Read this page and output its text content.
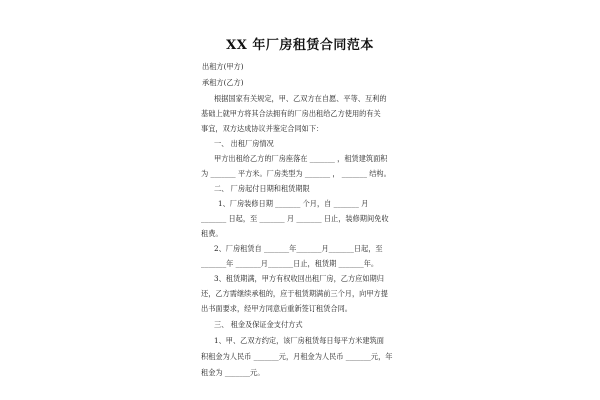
XX 年厂房租赁合同范本
出租方(甲方)
承租方(乙方)
根据国家有关规定，甲、乙双方在自愿、平等、互利的
基础上就甲方将其合法拥有的厂房出租给乙方使用的有关
事宜，双方达成协议并鉴定合同如下：
一、 出租厂房情况
甲方出租给乙方的厂房座落在 _______ ，租赁建筑面积
为 _______ 平方米。厂房类型为 _______ ， _______ 结构。
二、 厂房起付日期和租赁期限
1、厂房装修日期 _______ 个月，自 _______ 月
_______ 日起，至 _______ 月 _______ 日止，装修期间免收
租费。
2、厂房租赁自 _______年_______月_______日起，至
_______年 _______月_______日止，租赁期 _______年。
3、租赁期满，甲方有权收回出租厂房，乙方应如期归
还，乙方需继续承租的，应于租赁期满前三个月，向甲方提
出书面要求，经甲方同意后重新签订租赁合同。
三、 租金及保证金支付方式
1、甲、乙双方约定，该厂房租赁每日每平方米建筑面
积租金为人民币 _______元，月租金为人民币 _______元，年
租金为 _______元。
